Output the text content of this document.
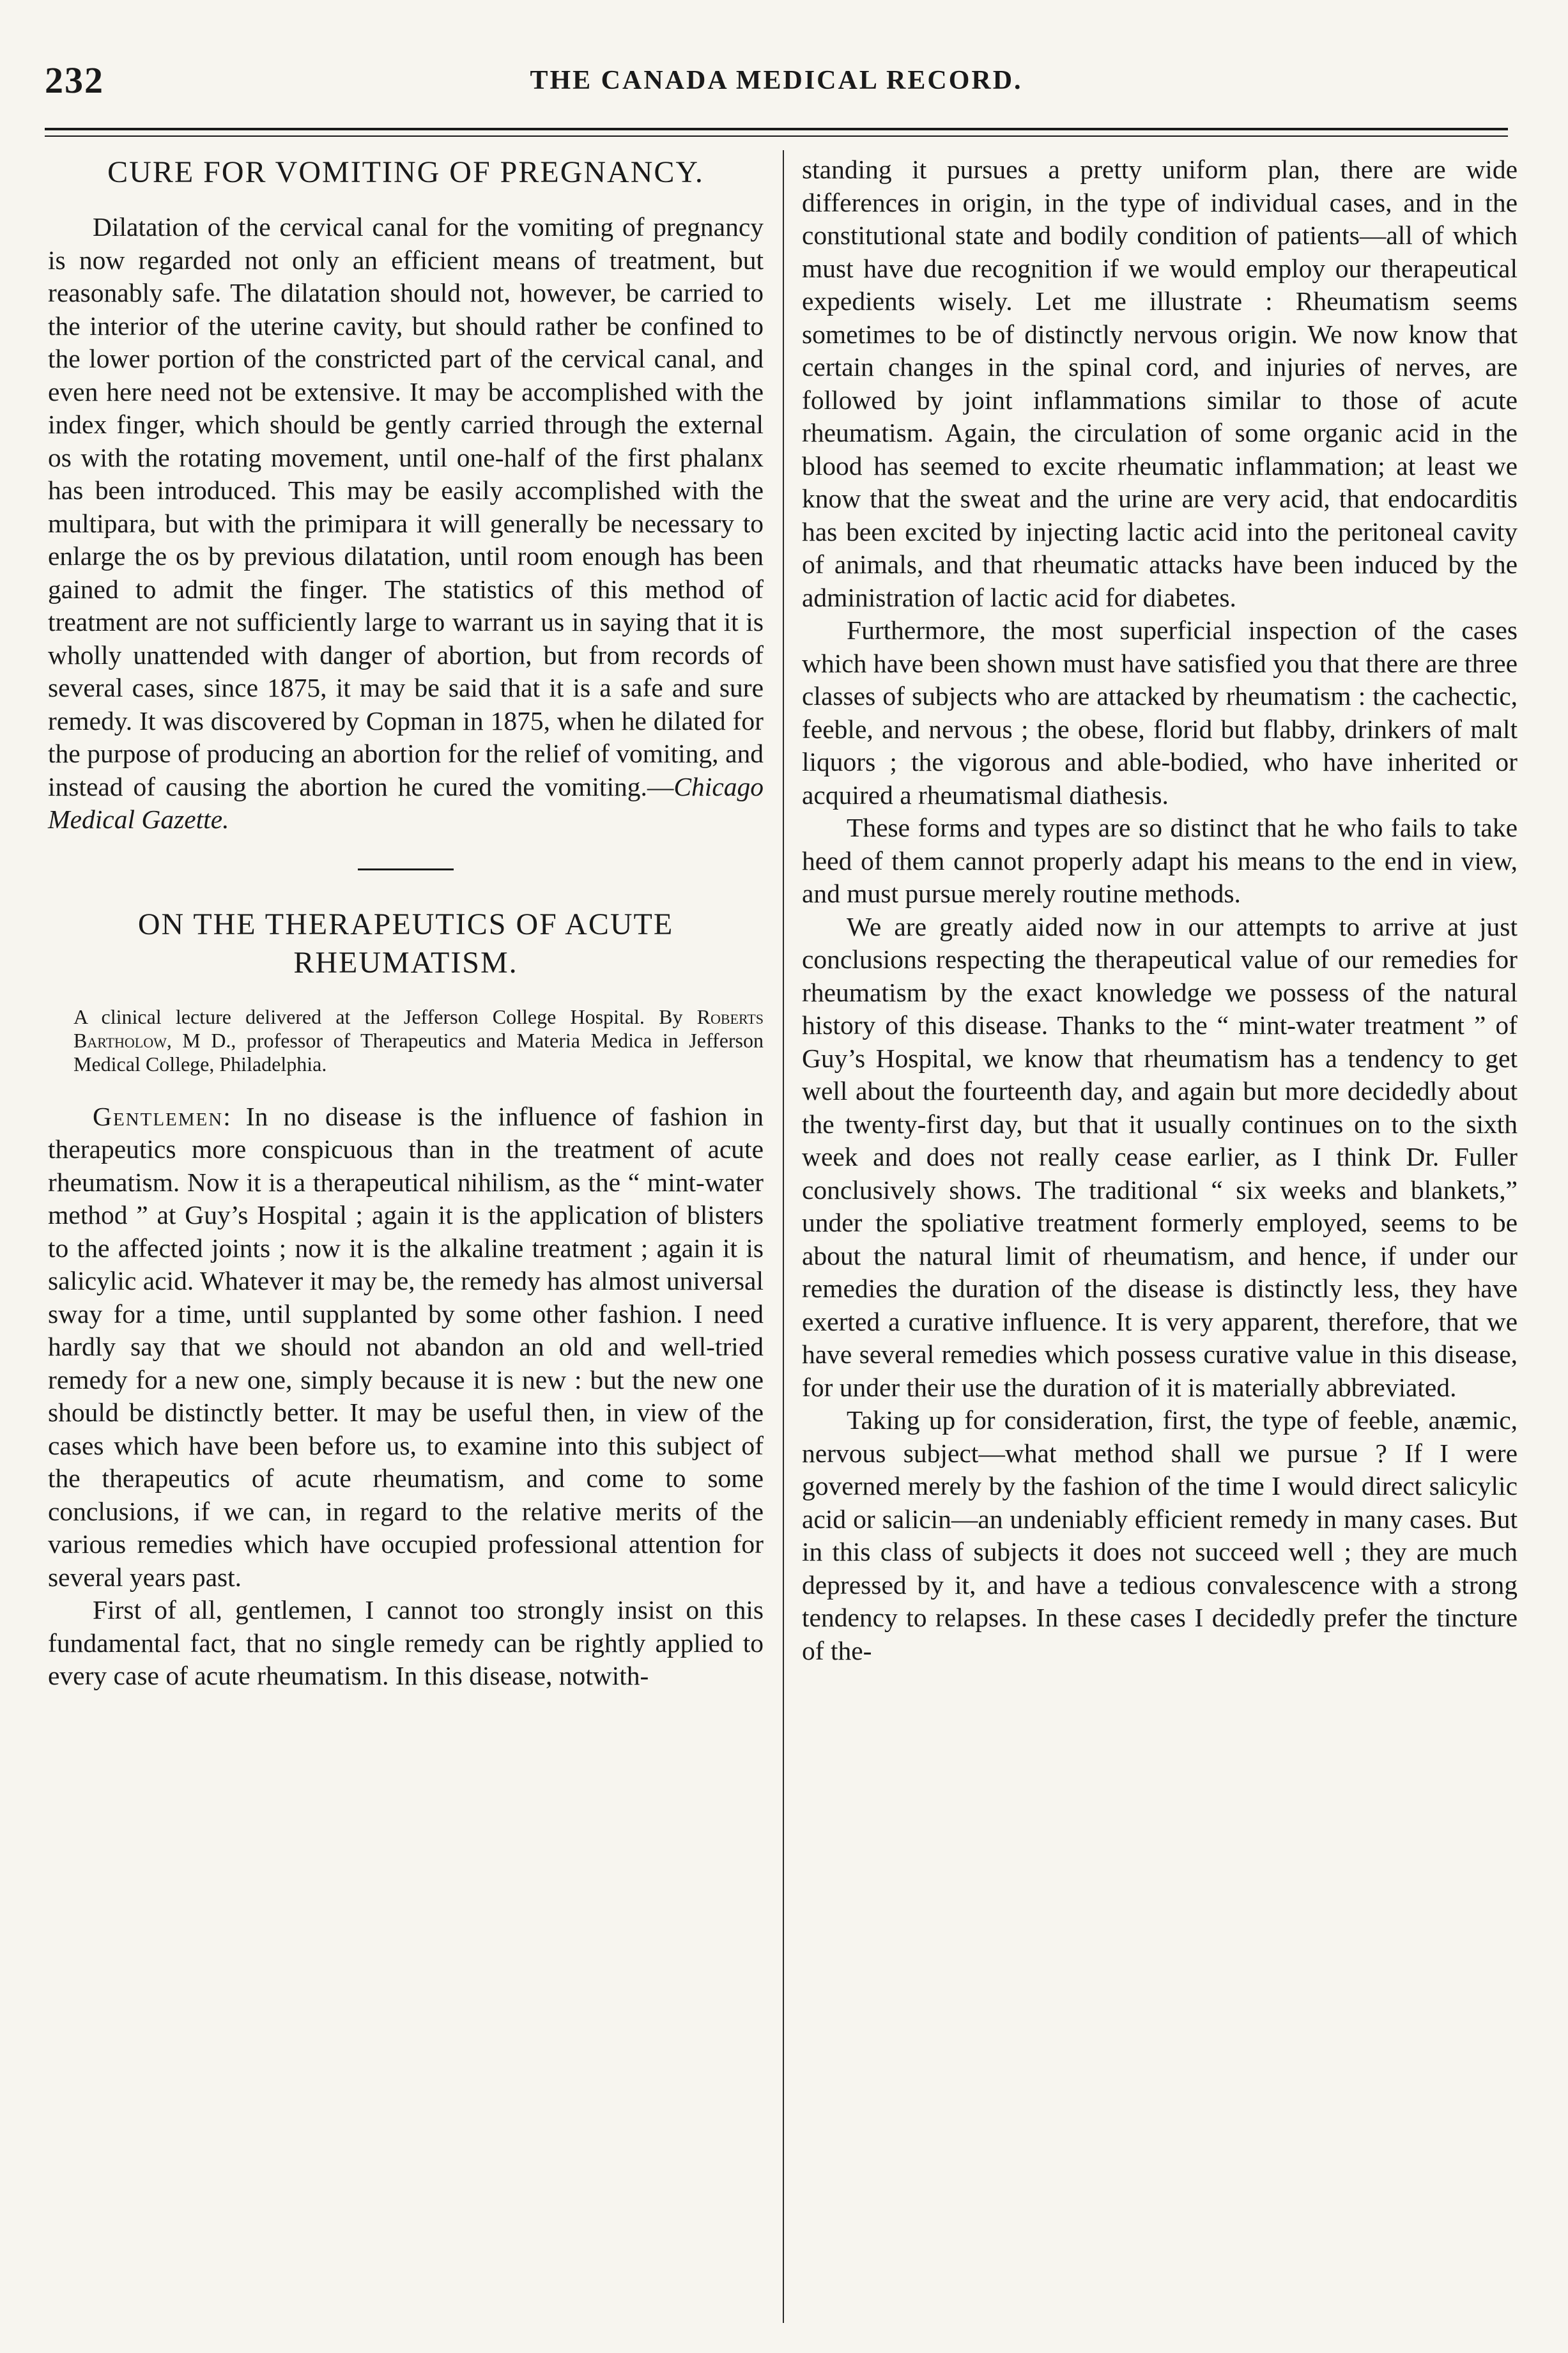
232	THE CANADA MEDICAL RECORD.
CURE FOR VOMITING OF PREGNANCY.

Dilatation of the cervical canal for the vomiting of pregnancy is now regarded not only an efficient means of treatment, but reasonably safe. The dilatation should not, however, be carried to the interior of the uterine cavity, but should rather be confined to the lower portion of the constricted part of the cervical canal, and even here need not be extensive. It may be accomplished with the index finger, which should be gently carried through the external os with the rotating movement, until one-half of the first phalanx has been introduced. This may be easily accomplished with the multipara, but with the primipara it will generally be necessary to enlarge the os by previous dilatation, until room enough has been gained to admit the finger. The statistics of this method of treatment are not sufficiently large to warrant us in saying that it is wholly unattended with danger of abortion, but from records of several cases, since 1875, it may be said that it is a safe and sure remedy. It was discovered by Copman in 1875, when he dilated for the purpose of producing an abortion for the relief of vomiting, and instead of causing the abortion he cured the vomiting.—Chicago Medical Gazette.

ON THE THERAPEUTICS OF ACUTE
RHEUMATISM.
A clinical lecture delivered at the Jefferson College Hospital. By Roberts Bartholow, M D., professor of Therapeutics and Materia Medica in Jefferson Medical College, Philadelphia.

Gentlemen: In no disease is the influence of fashion in therapeutics more conspicuous than in the treatment of acute rheumatism. Now it is a therapeutical nihilism, as the “ mint-water method ” at Guy’s Hospital ; again it is the application of blisters to the affected joints ; now it is the alkaline treatment ; again it is salicylic acid. Whatever it may be, the remedy has almost universal sway for a time, until supplanted by some other fashion. I need hardly say that we should not abandon an old and well-tried remedy for a new one, simply because it is new : but the new one should be distinctly better. It may be useful then, in view of the cases which have been before us, to examine into this subject of the therapeutics of acute rheumatism, and come to some conclusions, if we can, in regard to the relative merits of the various remedies which have occupied professional attention for several years past.

First of all, gentlemen, I cannot too strongly insist on this fundamental fact, that no single remedy can be rightly applied to every case of acute rheumatism. In this disease, notwith-

standing it pursues a pretty uniform plan, there are wide differences in origin, in the type of individual cases, and in the constitutional state and bodily condition of patients—all of which must have due recognition if we would employ our therapeutical expedients wisely. Let me illustrate : Rheumatism seems sometimes to be of distinctly nervous origin. We now know that certain changes in the spinal cord, and injuries of nerves, are followed by joint inflammations similar to those of acute rheumatism. Again, the circulation of some organic acid in the blood has seemed to excite rheumatic inflammation; at least we know that the sweat and the urine are very acid, that endocarditis has been excited by injecting lactic acid into the peritoneal cavity of animals, and that rheumatic attacks have been induced by the administration of lactic acid for diabetes.

Furthermore, the most superficial inspection of the cases which have been shown must have satisfied you that there are three classes of subjects who are attacked by rheumatism : the cachectic, feeble, and nervous ; the obese, florid but flabby, drinkers of malt liquors ; the vigorous and able-bodied, who have inherited or acquired a rheumatismal diathesis.

These forms and types are so distinct that he who fails to take heed of them cannot properly adapt his means to the end in view, and must pursue merely routine methods.

We are greatly aided now in our attempts to arrive at just conclusions respecting the therapeutical value of our remedies for rheumatism by the exact knowledge we possess of the natural history of this disease. Thanks to the “ mint-water treatment ” of Guy’s Hospital, we know that rheumatism has a tendency to get well about the fourteenth day, and again but more decidedly about the twenty-first day, but that it usually continues on to the sixth week and does not really cease earlier, as I think Dr. Fuller conclusively shows. The traditional “ six weeks and blankets,” under the spoliative treatment formerly employed, seems to be about the natural limit of rheumatism, and hence, if under our remedies the duration of the disease is distinctly less, they have exerted a curative influence. It is very apparent, therefore, that we have several remedies which possess curative value in this disease, for under their use the duration of it is materially abbreviated.

Taking up for consideration, first, the type of feeble, anæmic, nervous subject—what method shall we pursue ? If I were governed merely by the fashion of the time I would direct salicylic acid or salicin—an undeniably efficient remedy in many cases. But in this class of subjects it does not succeed well ; they are much depressed by it, and have a tedious convalescence with a strong tendency to relapses. In these cases I decidedly prefer the tincture of the-
